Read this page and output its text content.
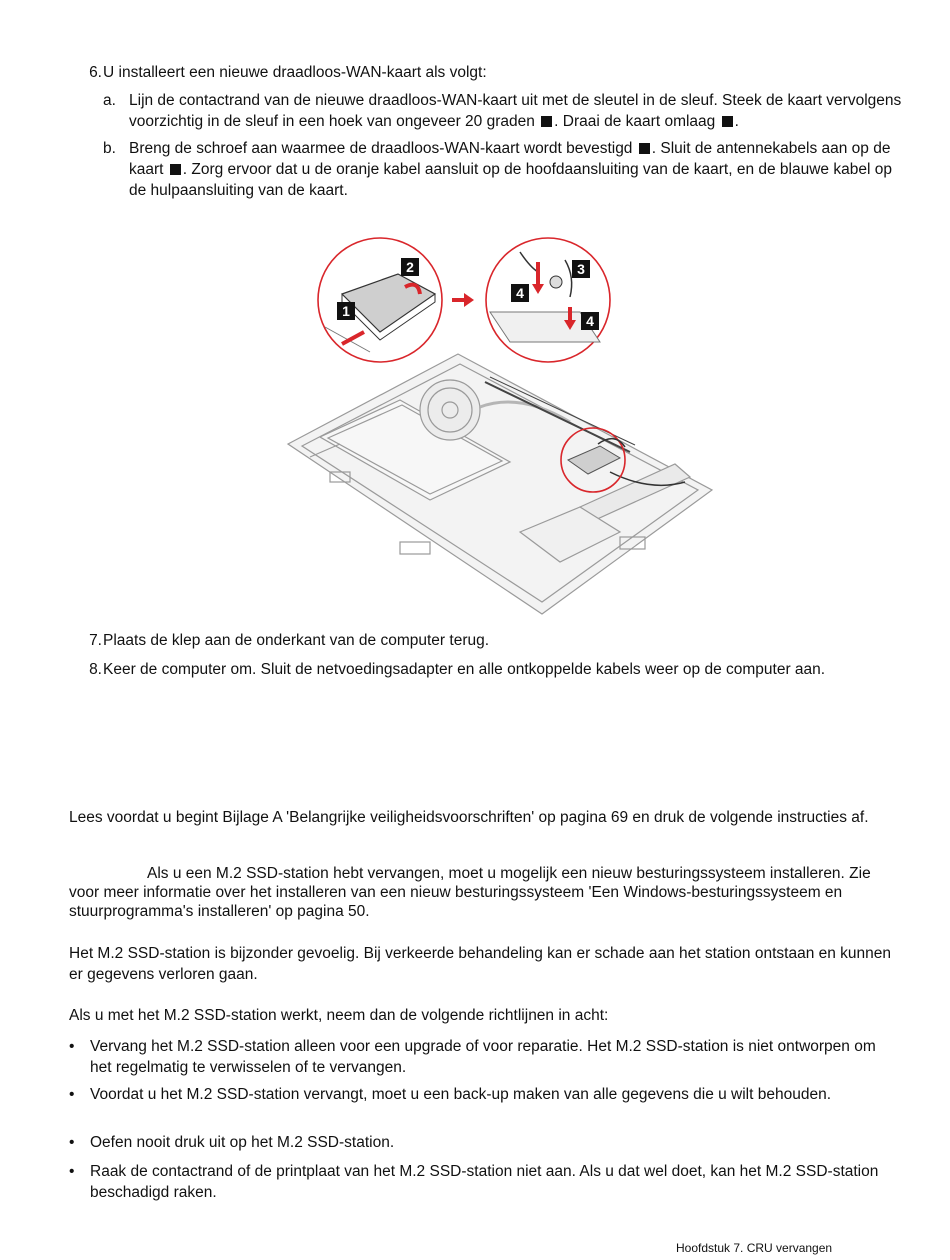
6. U installeert een nieuwe draadloos-WAN-kaart als volgt:
a. Lijn de contactrand van de nieuwe draadloos-WAN-kaart uit met de sleutel in de sleuf. Steek de kaart vervolgens voorzichtig in de sleuf in een hoek van ongeveer 20 graden . Draai de kaart omlaag .
b. Breng de schroef aan waarmee de draadloos-WAN-kaart wordt bevestigd . Sluit de antennekabels aan op de kaart . Zorg ervoor dat u de oranje kabel aansluit op de hoofdaansluiting van de kaart, en de blauwe kabel op de hulpaansluiting van de kaart.
2
1
3
4
4
7. Plaats de klep aan de onderkant van de computer terug.
8. Keer de computer om. Sluit de netvoedingsadapter en alle ontkoppelde kabels weer op de computer aan.
Lees voordat u begint Bijlage A 'Belangrijke veiligheidsvoorschriften' op pagina 69 en druk de volgende instructies af.
Als u een M.2 SSD-station hebt vervangen, moet u mogelijk een nieuw besturingssysteem installeren. Zie voor meer informatie over het installeren van een nieuw besturingssysteem 'Een Windows-besturingssysteem en stuurprogramma's installeren' op pagina 50.
Het M.2 SSD-station is bijzonder gevoelig. Bij verkeerde behandeling kan er schade aan het station ontstaan en kunnen er gegevens verloren gaan.
Als u met het M.2 SSD-station werkt, neem dan de volgende richtlijnen in acht:
•	Vervang het M.2 SSD-station alleen voor een upgrade of voor reparatie. Het M.2 SSD-station is niet ontworpen om het regelmatig te verwisselen of te vervangen.
•	Voordat u het M.2 SSD-station vervangt, moet u een back-up maken van alle gegevens die u wilt behouden.
•	Oefen nooit druk uit op het M.2 SSD-station.
•	Raak de contactrand of de printplaat van het M.2 SSD-station niet aan. Als u dat wel doet, kan het M.2 SSD-station beschadigd raken.
Hoofdstuk 7. CRU vervangen
